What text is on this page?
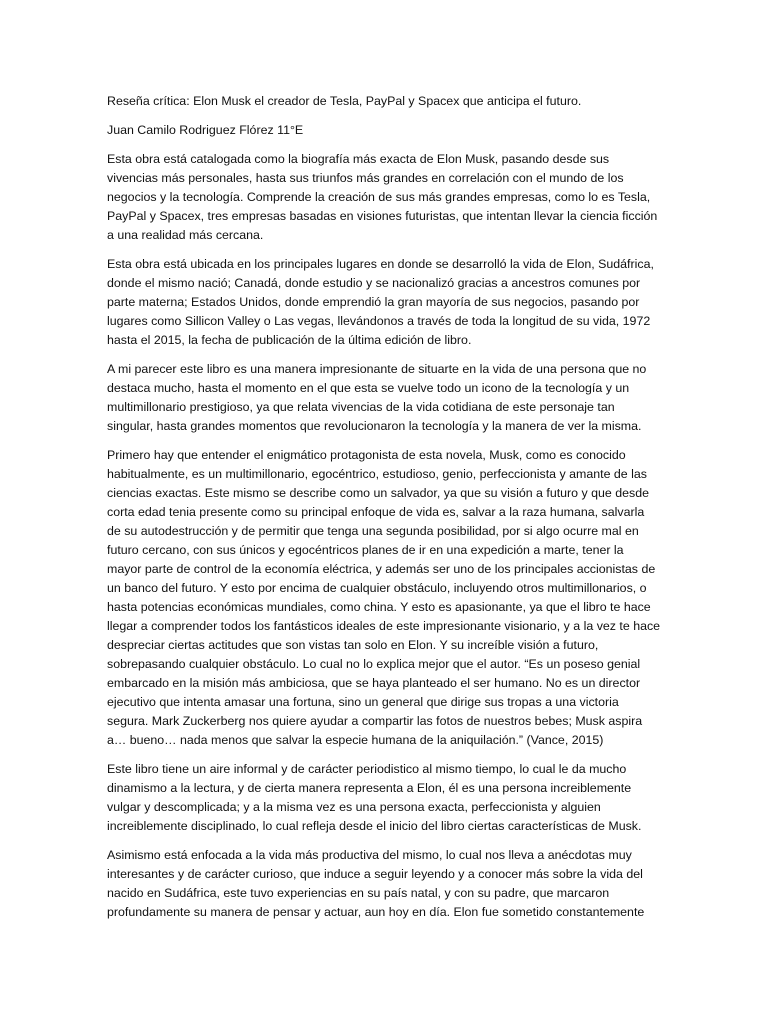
Reseña crítica: Elon Musk el creador de Tesla, PayPal y Spacex que anticipa el futuro.

Juan Camilo Rodriguez Flórez 11°E

Esta obra está catalogada como la biografía más exacta de Elon Musk, pasando desde sus vivencias más personales, hasta sus triunfos más grandes en correlación con el mundo de los negocios y la tecnología. Comprende la creación de sus más grandes empresas, como lo es Tesla, PayPal y Spacex, tres empresas basadas en visiones futuristas, que intentan llevar la ciencia ficción a una realidad más cercana.

Esta obra está ubicada en los principales lugares en donde se desarrolló la vida de Elon, Sudáfrica, donde el mismo nació; Canadá, donde estudio y se nacionalizó gracias a ancestros comunes por parte materna; Estados Unidos, donde emprendió la gran mayoría de sus negocios, pasando por lugares como Sillicon Valley o Las vegas, llevándonos a través de toda la longitud de su vida, 1972 hasta el 2015, la fecha de publicación de la última edición de libro.

A mi parecer este libro es una manera impresionante de situarte en la vida de una persona que no destaca mucho, hasta el momento en el que esta se vuelve todo un icono de la tecnología y un multimillonario prestigioso, ya que relata vivencias de la vida cotidiana de este personaje tan singular, hasta grandes momentos que revolucionaron la tecnología y la manera de ver la misma.

Primero hay que entender el enigmático protagonista de esta novela, Musk, como es conocido habitualmente, es un multimillonario, egocéntrico, estudioso, genio, perfeccionista y amante de las ciencias exactas. Este mismo se describe como un salvador, ya que su visión a futuro y que desde corta edad tenia presente como su principal enfoque de vida es, salvar a la raza humana, salvarla de su autodestrucción y de permitir que tenga una segunda posibilidad, por si algo ocurre mal en futuro cercano, con sus únicos y egocéntricos planes de ir en una expedición a marte, tener la mayor parte de control de la economía eléctrica, y además ser uno de los principales accionistas de un banco del futuro. Y esto por encima de cualquier obstáculo, incluyendo otros multimillonarios, o hasta potencias económicas mundiales, como china. Y esto es apasionante, ya que el libro te hace llegar a comprender todos los fantásticos ideales de este impresionante visionario, y a la vez te hace despreciar ciertas actitudes que son vistas tan solo en Elon. Y su increíble visión a futuro, sobrepasando cualquier obstáculo. Lo cual no lo explica mejor que el autor. “Es un poseso genial embarcado en la misión más ambiciosa, que se haya planteado el ser humano. No es un director ejecutivo que intenta amasar una fortuna, sino un general que dirige sus tropas a una victoria segura. Mark Zuckerberg nos quiere ayudar a compartir las fotos de nuestros bebes; Musk aspira a… bueno… nada menos que salvar la especie humana de la aniquilación.” (Vance, 2015)

Este libro tiene un aire informal y de carácter periodistico al mismo tiempo, lo cual le da mucho dinamismo a la lectura, y de cierta manera representa a Elon, él es una persona increiblemente vulgar y descomplicada; y a la misma vez es una persona exacta, perfeccionista y alguien increiblemente disciplinado, lo cual refleja desde el inicio del libro ciertas características de Musk.

Asimismo está enfocada a la vida más productiva del mismo, lo cual nos lleva a anécdotas muy interesantes y de carácter curioso, que induce a seguir leyendo y a conocer más sobre la vida del nacido en Sudáfrica, este tuvo experiencias en su país natal, y con su padre, que marcaron profundamente su manera de pensar y actuar, aun hoy en día. Elon fue sometido constantemente
